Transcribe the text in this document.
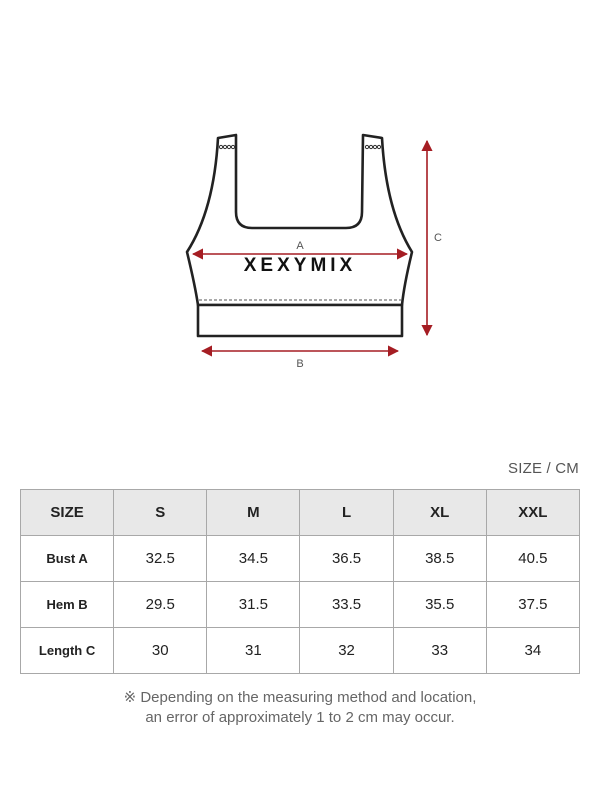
XEXYMIX
A
B
C
SIZE / CM
SIZE	S	M	L	XL	XXL
Bust A	32.5	34.5	36.5	38.5	40.5
Hem B	29.5	31.5	33.5	35.5	37.5
Length C	30	31	32	33	34
※ Depending on the measuring method and location,
an error of approximately 1 to 2 cm may occur.
